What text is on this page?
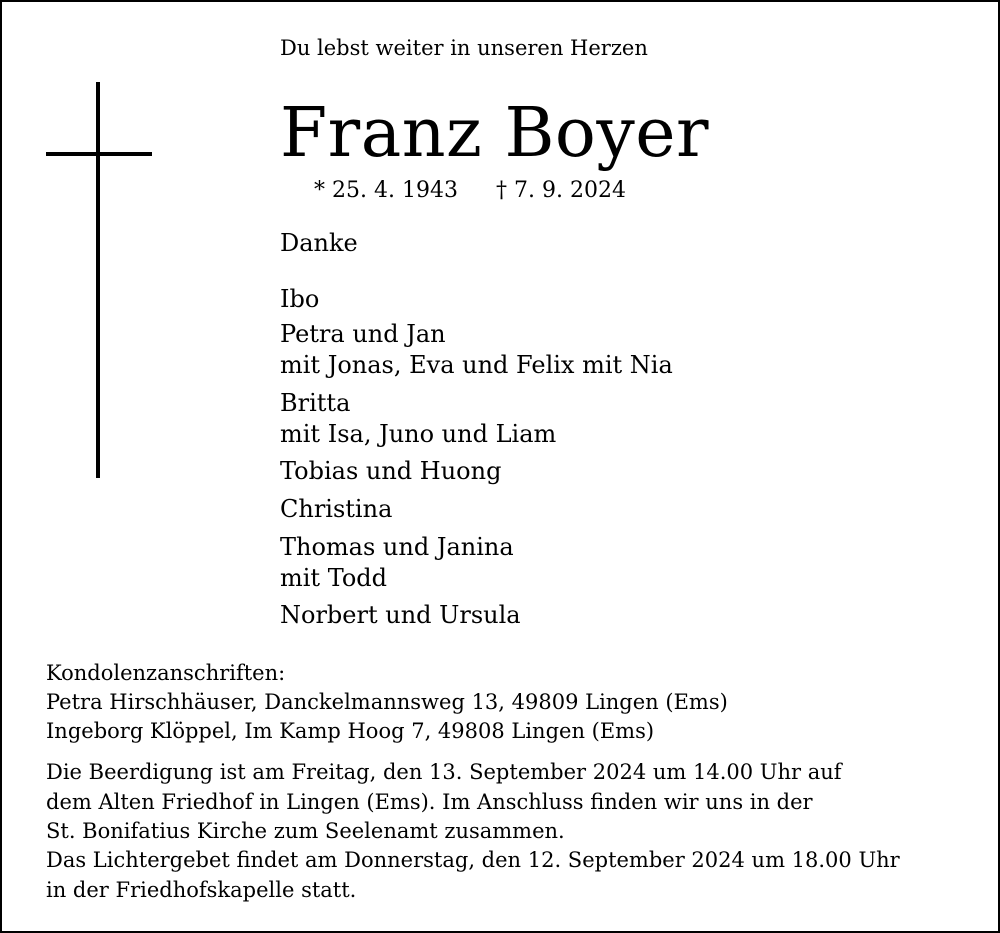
Du lebst weiter in unseren Herzen
Franz Boyer
* 25. 4. 1943 † 7. 9. 2024
Danke
Ibo
Petra und Jan
mit Jonas, Eva und Felix mit Nia
Britta
mit Isa, Juno und Liam
Tobias und Huong
Christina
Thomas und Janina
mit Todd
Norbert und Ursula
Kondolenzanschriften:
Petra Hirschhäuser, Danckelmannsweg 13, 49809 Lingen (Ems)
Ingeborg Klöppel, Im Kamp Hoog 7, 49808 Lingen (Ems)
Die Beerdigung ist am Freitag, den 13. September 2024 um 14.00 Uhr auf
dem Alten Friedhof in Lingen (Ems). Im Anschluss finden wir uns in der
St. Bonifatius Kirche zum Seelenamt zusammen.
Das Lichtergebet findet am Donnerstag, den 12. September 2024 um 18.00 Uhr
in der Friedhofskapelle statt.
